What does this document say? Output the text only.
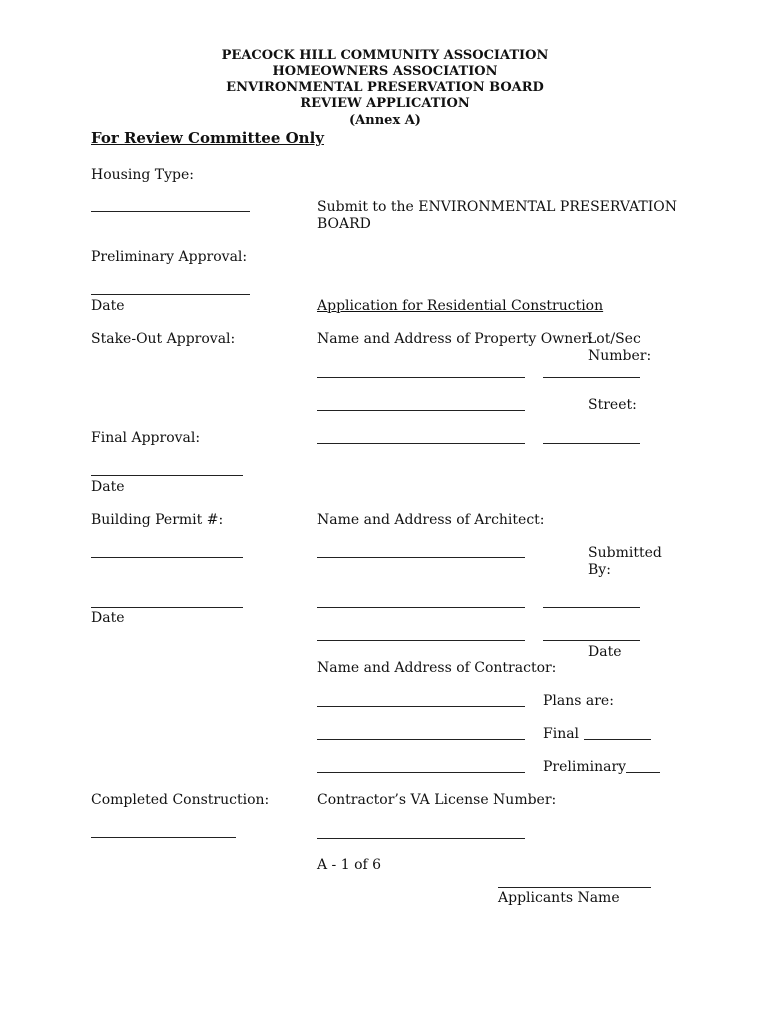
PEACOCK HILL COMMUNITY ASSOCIATION
HOMEOWNERS ASSOCIATION
ENVIRONMENTAL PRESERVATION BOARD
REVIEW APPLICATION
(Annex A)
For Review Committee Only
Housing Type:
Preliminary Approval:
Date
Stake-Out Approval:
Final Approval:
Date
Building Permit #:
Date
Completed Construction:
Submit to the ENVIRONMENTAL PRESERVATION
BOARD
Application for Residential Construction
Name and Address of Property Owner:
Lot/Sec
Number:
Street:
Name and Address of Architect:
Submitted
By:
Date
Name and Address of Contractor:
Plans are:
Final
Preliminary
Contractor’s VA License Number:
A - 1 of 6
Applicants Name
